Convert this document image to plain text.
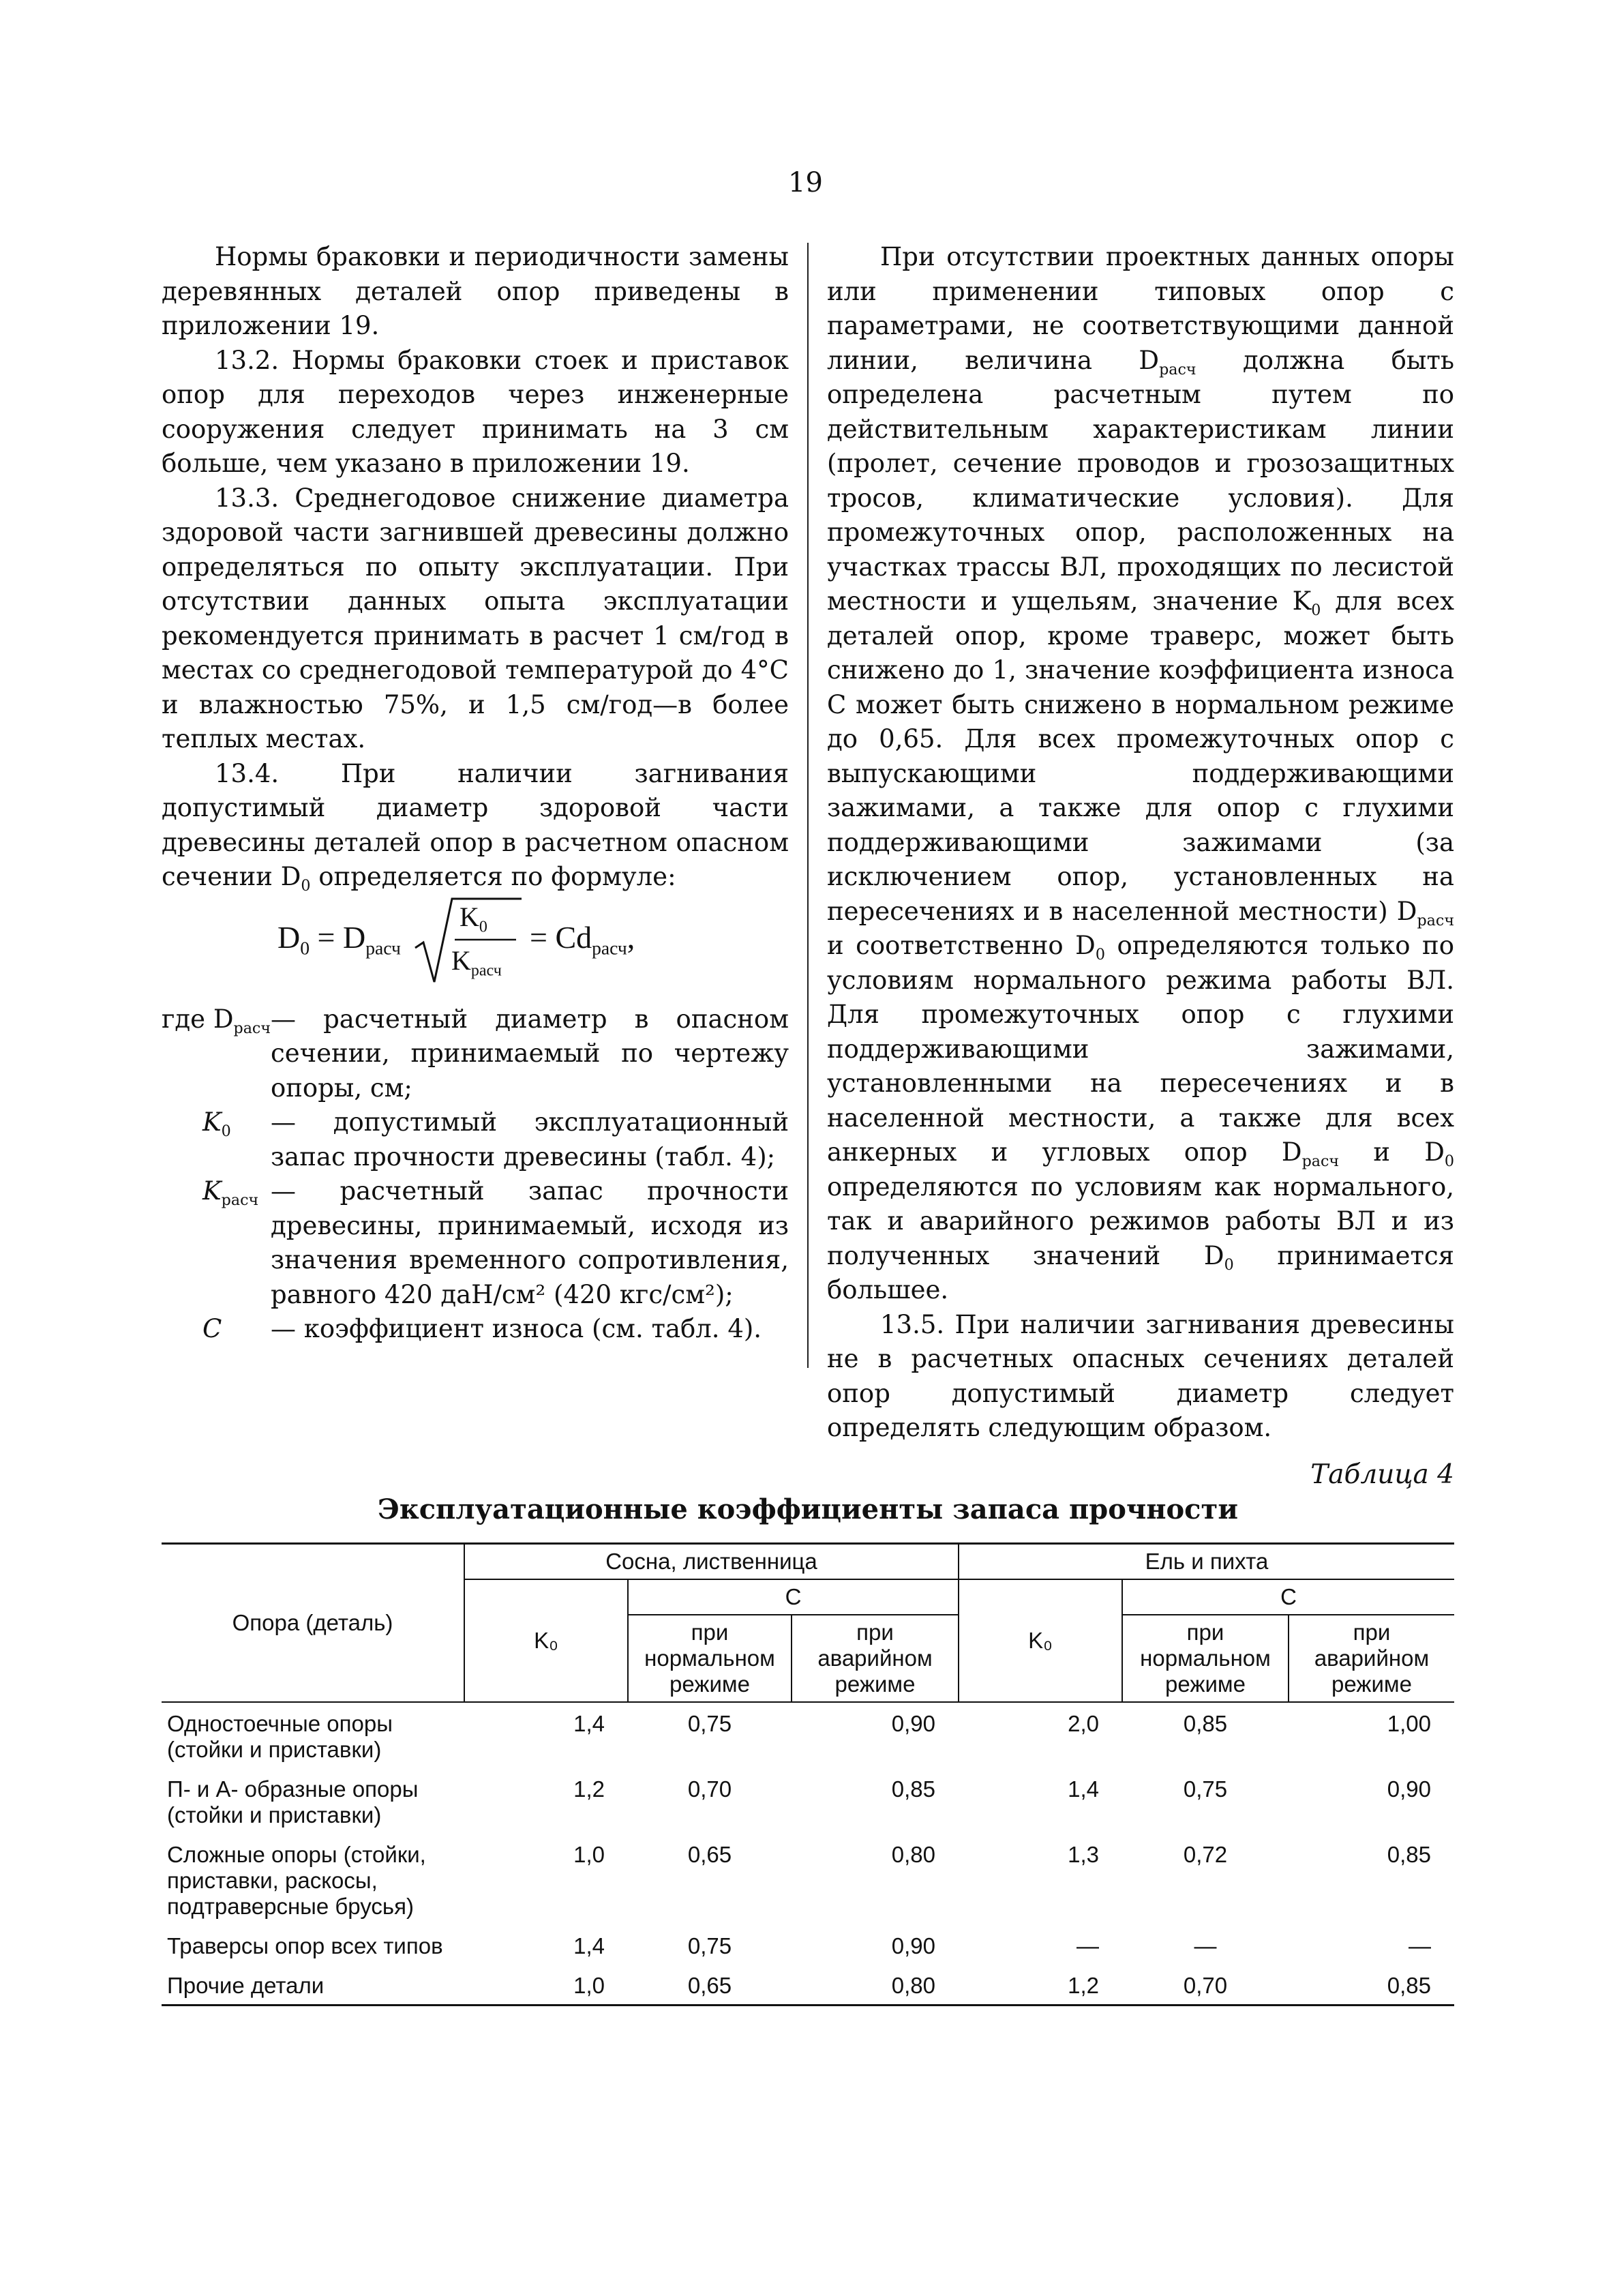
19

Нормы браковки и периодичности замены деревянных деталей опор приведены в приложении 19.

13.2. Нормы браковки стоек и приставок опор для переходов через инженерные сооружения следует принимать на 3 см больше, чем указано в приложении 19.

13.3. Среднегодовое снижение диаметра здоровой части загнившей древесины должно определяться по опыту эксплуатации. При отсутствии данных опыта эксплуатации рекомендуется принимать в расчет 1 см/год в местах со среднегодовой температурой до 4°С и влажностью 75%, и 1,5 см/год—в более теплых местах.

13.4. При наличии загнивания допустимый диаметр здоровой части древесины деталей опор в расчетном опасном сечении $D_0$ определяется по формуле:

$D_0 = D_{расч}$
$K_0$
$K_{расч}$
= $Cd_{расч}$,
где $D_{расч}$ — расчетный диаметр в опасном сечении, принимаемый по чертежу опоры, см;
$K_0$	— допустимый эксплуатационный запас прочности древесины (табл. 4);
$K_{расч}$ — расчетный запас прочности древесины, принимаемый, исходя из значения временного сопротивления, равного 420 даН/см² (420 кгс/см²);
C	— коэффициент износа (см. табл. 4).

При отсутствии проектных данных опоры или применении типовых опор с параметрами, не соответствующими данной линии, величина $D_{расч}$ должна быть определена расчетным путем по действительным характеристикам линии (пролет, сечение проводов и грозозащитных тросов, климатические условия). Для промежуточных опор, расположенных на участках трассы ВЛ, проходящих по лесистой местности и ущельям, значение $K_0$ для всех деталей опор, кроме траверс, может быть снижено до 1, значение коэффициента износа C может быть снижено в нормальном режиме до 0,65. Для всех промежуточных опор с выпускающими поддерживающими зажимами, а также для опор с глухими поддерживающими зажимами (за исключением опор, установленных на пересечениях и в населенной местности) $D_{расч}$ и соответственно $D_0$ определяются только по условиям нормального режима работы ВЛ. Для промежуточных опор с глухими поддерживающими зажимами, установленными на пересечениях и в населенной местности, а также для всех анкерных и угловых опор $D_{расч}$ и $D_0$ определяются по условиям как нормального, так и аварийного режимов работы ВЛ и из полученных значений $D_0$ принимается большее.

13.5. При наличии загнивания древесины не в расчетных опасных сечениях деталей опор допустимый диаметр следует определять следующим образом.

Таблица 4
Эксплуатационные коэффициенты запаса прочности
Опора (деталь)	Сосна, лиственница			Ель и пихта		
	K₀	C		K₀	C	
		при нормальном режиме	при аварийном режиме		при нормальном режиме	при аварийном режиме
Одностоечные опоры (стойки и приставки)	1,4	0,75	0,90	2,0	0,85	1,00
П- и А- образные опоры (стойки и приставки)	1,2	0,70	0,85	1,4	0,75	0,90
Сложные опоры (стойки, приставки, раскосы, подтраверсные брусья)	1,0	0,65	0,80	1,3	0,72	0,85
Траверсы опор всех типов	1,4	0,75	0,90	—	—	—
Прочие детали	1,0	0,65	0,80	1,2	0,70	0,85
